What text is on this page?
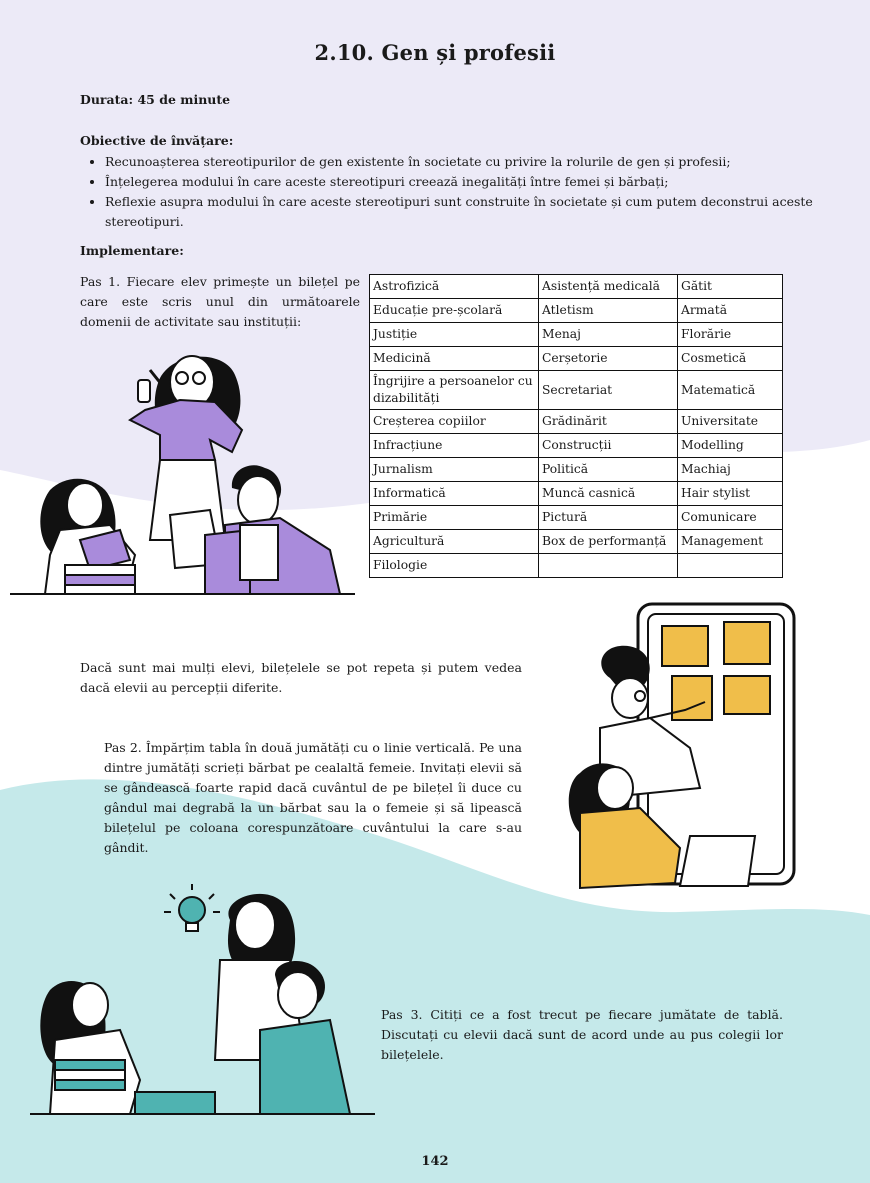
2.10. Gen și profesii
Durata: 45 de minute
Obiective de învățare:
• Recunoașterea stereotipurilor de gen existente în societate cu privire la rolurile de gen și profesii;
• Înțelegerea modului în care aceste stereotipuri creează inegalități între femei și bărbați;
• Reflexie asupra modului în care aceste stereotipuri sunt construite în societate și cum putem deconstrui aceste stereotipuri.
Implementare:
Pas 1. Fiecare elev primește un bilețel pe care este scris unul din următoarele domenii de activitate sau instituții:
Astrofizică	Asistență medicală	Gătit
Educație pre-școlară	Atletism	Armată
Justiție	Menaj	Florărie
Medicină	Cerșetorie	Cosmetică
Îngrijire a persoanelor cu dizabilități	Secretariat	Matematică
Creșterea copiilor	Grădinărit	Universitate
Infracțiune	Construcții	Modelling
Jurnalism	Politică	Machiaj
Informatică	Muncă casnică	Hair stylist
Primărie	Pictură	Comunicare
Agricultură	Box de performanță	Management
Filologie		
Dacă sunt mai mulți elevi, bilețelele se pot repeta și putem vedea dacă elevii au percepții diferite.
Pas 2. Împărțim tabla în două jumătăți cu o linie verticală. Pe una dintre jumătăți scrieți bărbat pe cealaltă femeie. Invitați elevii să se gândească foarte rapid dacă cuvântul de pe bilețel îi duce cu gândul mai degrabă la un bărbat sau la o femeie și să lipească bilețelul pe coloana corespunzătoare cuvântului la care s-au gândit.
Pas 3. Citiți ce a fost trecut pe fiecare jumătate de tablă. Discutați cu elevii dacă sunt de acord unde au pus colegii lor bilețelele.
142
